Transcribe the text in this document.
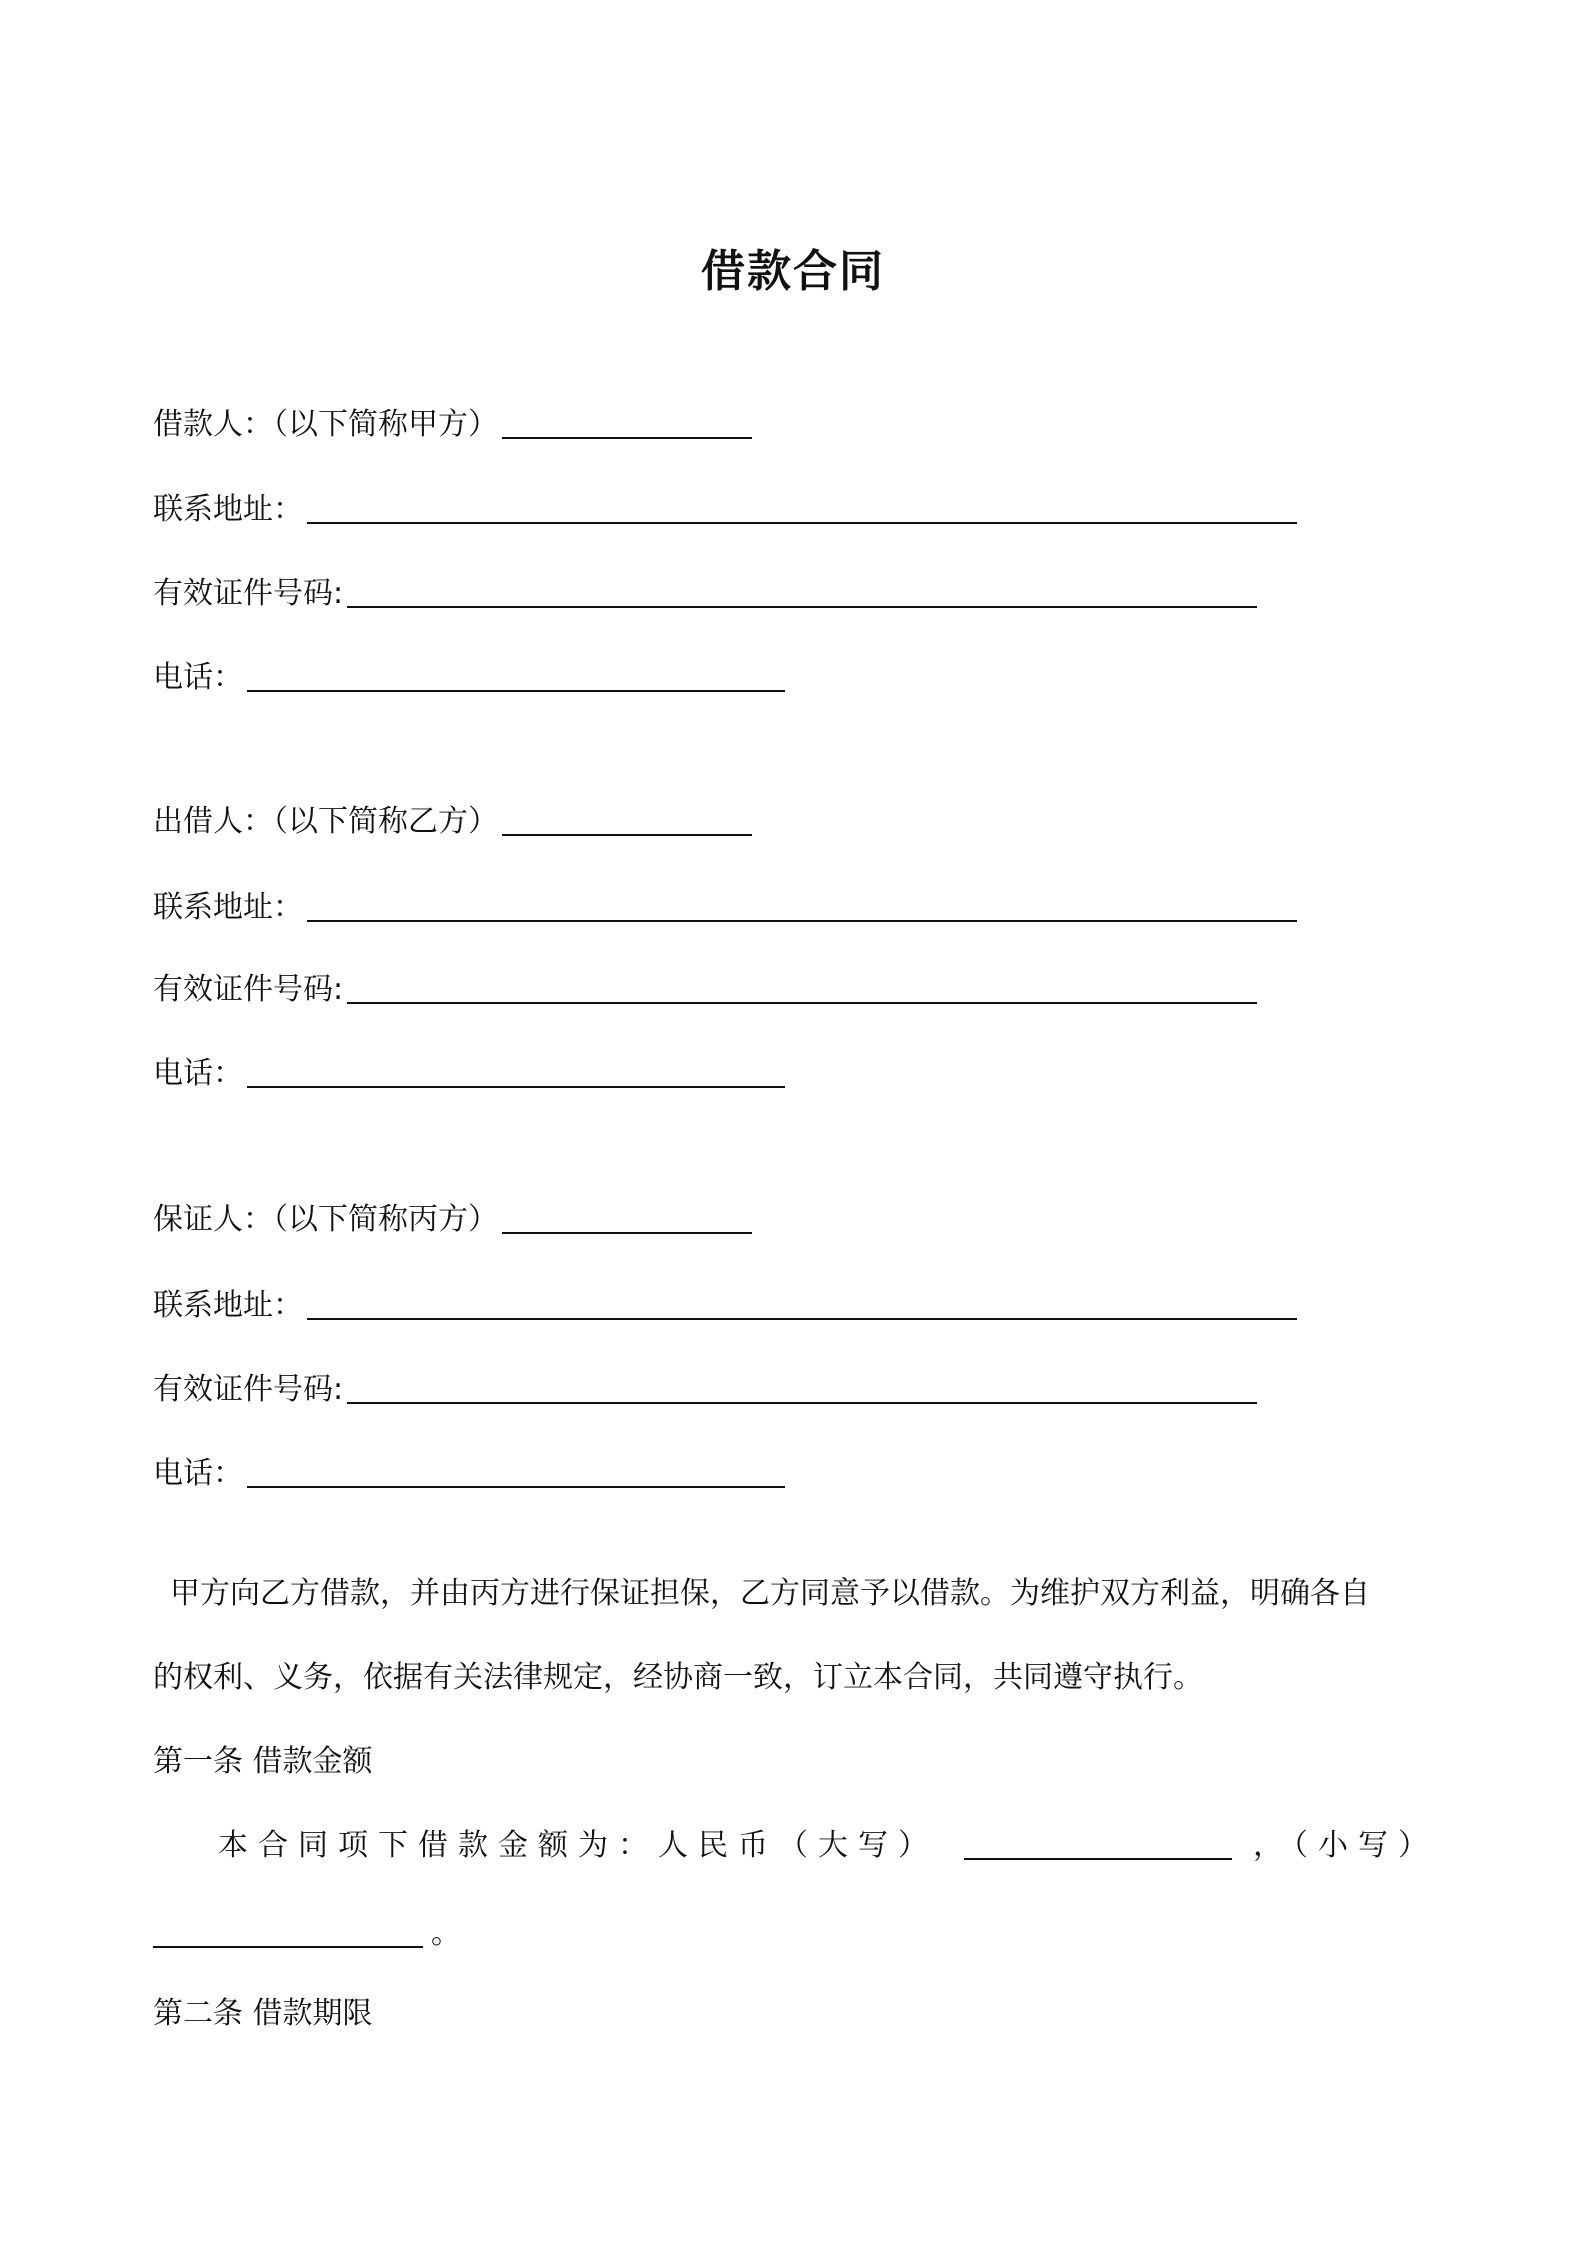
借款合同
借款人：（以下简称甲方）
联系地址：
有效证件号码:
电话：
出借人：（以下简称乙方）
联系地址：
有效证件号码:
电话：
保证人：（以下简称丙方）
联系地址：
有效证件号码:
电话：
甲方向乙方借款，并由丙方进行保证担保，乙方同意予以借款。为维护双方利益，明确各自
的权利、义务，依据有关法律规定，经协商一致，订立本合同，共同遵守执行。
第一条 借款金额
本合同项下借款金额为：人民币（大写）	，（小写）
。
第二条 借款期限
